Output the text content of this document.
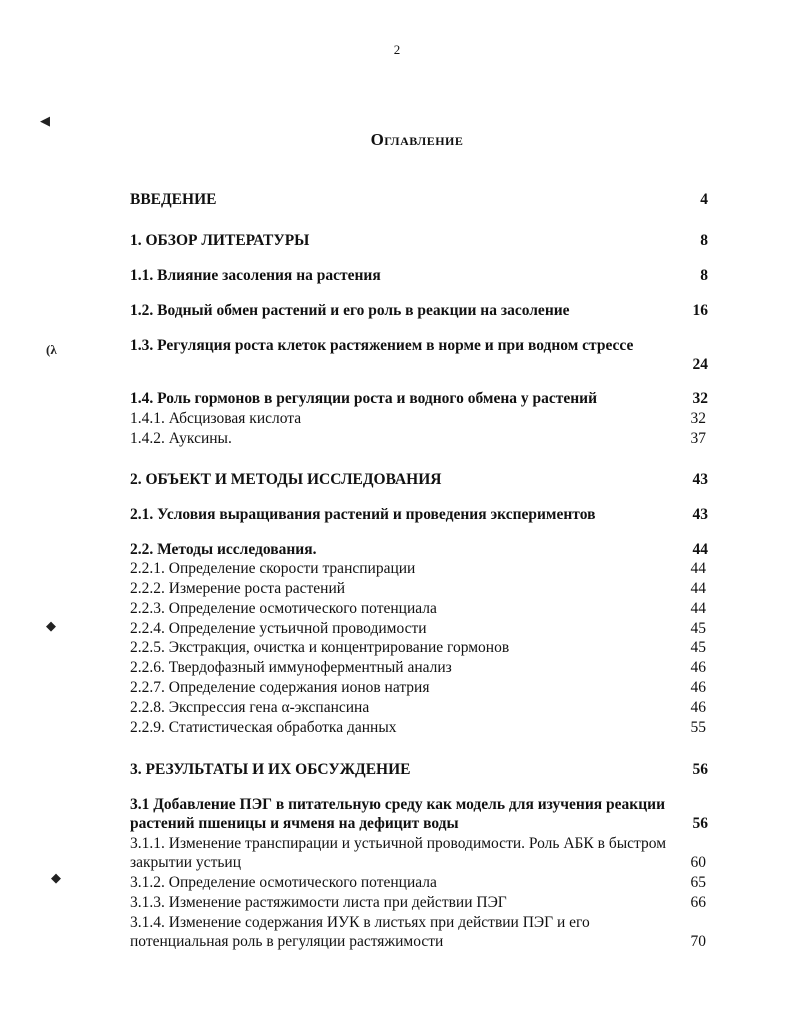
2
◀
(λ
◆
◆
Оглавление
ВВЕДЕНИЕ	4
1. ОБЗОР ЛИТЕРАТУРЫ	8
1.1. Влияние засоления на растения	8
1.2. Водный обмен растений и его роль в реакции на засоление	16
1.3. Регуляция роста клеток растяжением в норме и при водном стрессе
24
1.4. Роль гормонов в регуляции роста и водного обмена у растений	32
1.4.1. Абсцизовая кислота	32
1.4.2. Ауксины.	37
2. ОБЪЕКТ И МЕТОДЫ ИССЛЕДОВАНИЯ	43
2.1. Условия выращивания растений и проведения экспериментов	43
2.2. Методы исследования.	44
2.2.1. Определение скорости транспирации	44
2.2.2. Измерение роста растений	44
2.2.3. Определение осмотического потенциала	44
2.2.4. Определение устьичной проводимости	45
2.2.5. Экстракция, очистка и концентрирование гормонов	45
2.2.6. Твердофазный иммуноферментный анализ	46
2.2.7. Определение содержания ионов натрия	46
2.2.8. Экспрессия гена α-экспансина	46
2.2.9. Статистическая обработка данных	55
3. РЕЗУЛЬТАТЫ И ИХ ОБСУЖДЕНИЕ	56
3.1 Добавление ПЭГ в питательную среду как модель для изучения реакции растений пшеницы и ячменя на дефицит воды	56
3.1.1. Изменение транспирации и устьичной проводимости. Роль АБК в быстром закрытии устьиц	60
3.1.2. Определение осмотического потенциала	65
3.1.3. Изменение растяжимости листа при действии ПЭГ	66
3.1.4. Изменение содержания ИУК в листьях при действии ПЭГ и его потенциальная роль в регуляции растяжимости	70
